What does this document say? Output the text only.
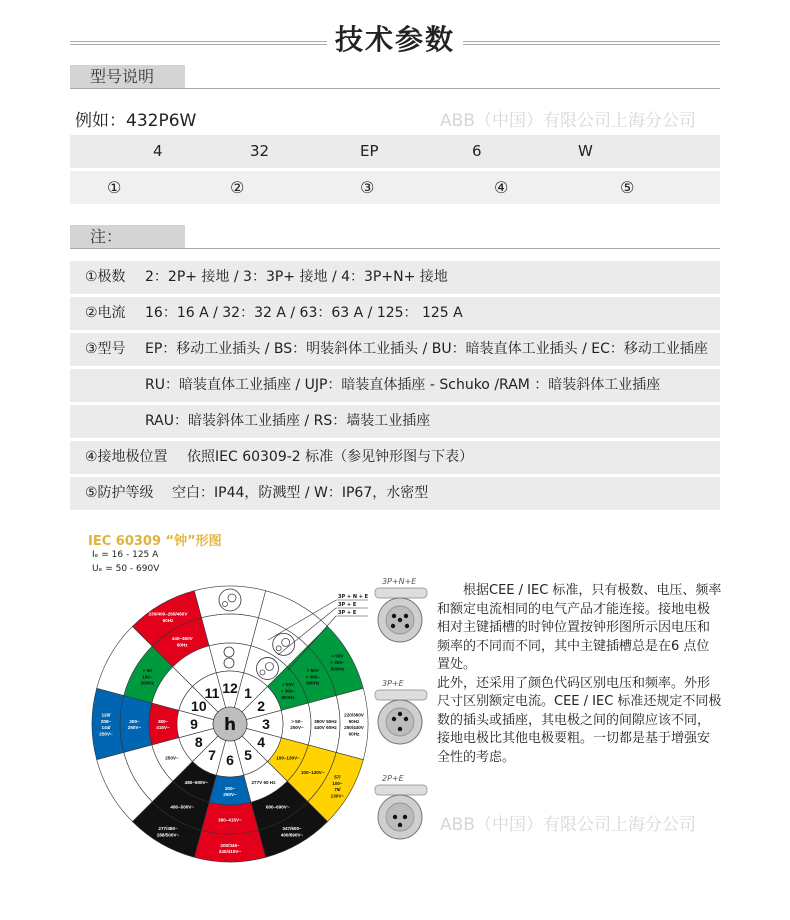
技术参数
型号说明
例如：432P6W	ABB（中国）有限公司上海分公司
4	32	EP	6	W
①	②	③	④	⑤
注：
①极数 2：2P+ 接地 / 3：3P+ 接地 / 4：3P+N+ 接地
②电流 16：16 A / 32：32 A / 63：63 A / 125： 125 A
③型号 EP：移动工业插头 / BS：明装斜体工业插头 / BU：暗装直体工业插头 / EC：移动工业插座
RU：暗装直体工业插座 / UJP：暗装直体插座 - Schuko /RAM ：暗装斜体工业插座
RAU：暗装斜体工业插座 / RS：墙装工业插座
④接地极位置 依照IEC 60309-2 标准（参见钟形图与下表）
⑤防护等级 空白：IP44，防溅型 / W：IP67，水密型
IEC 60309 “钟”形图
Iₑ = 16 - 125 A
Uₑ = 50 - 690V
380– 415V~
200– 250V~
120/ 208– 144/ 250V~
> 50 100– 300Hz
440–460V 60Hz
230/400–265/460V 60Hz
> 50V > 300– 500Hz
> 50V > 300– 500Hz
> 50V > 300– 500Hz
> 50– 250V~
380V 50Hz 440V 60Hz
220/380V 50Hz 250/440V 60Hz
100–130V~
100–130V~
57/ 100– 75/ 130V~
277V 60 Hz
600–690V~
347/600– 400/690V~
200– 250V~
380–415V~
200/346– 240/415V~
480–500V~
480–500V~
277/480– 288/500V~
250V~
12 1
2
3
4
5
6
7
8
9
10
11
h
3P + N + E
3P + E
3P + E
3P+N+E
3P+E
2P+E

根据CEE / IEC 标准，只有极数、电压、频率和额定电流相同的电气产品才能连接。接地电极相对主键插槽的时钟位置按钟形图所示因电压和频率的不同而不同，其中主键插槽总是在6 点位置处。

此外，还采用了颜色代码区别电压和频率。外形尺寸区别额定电流。CEE / IEC 标准还规定不同极数的插头或插座，其电极之间的间隙应该不同，接地电极比其他电极要粗。一切都是基于增强安全性的考虑。

ABB（中国）有限公司上海分公司
